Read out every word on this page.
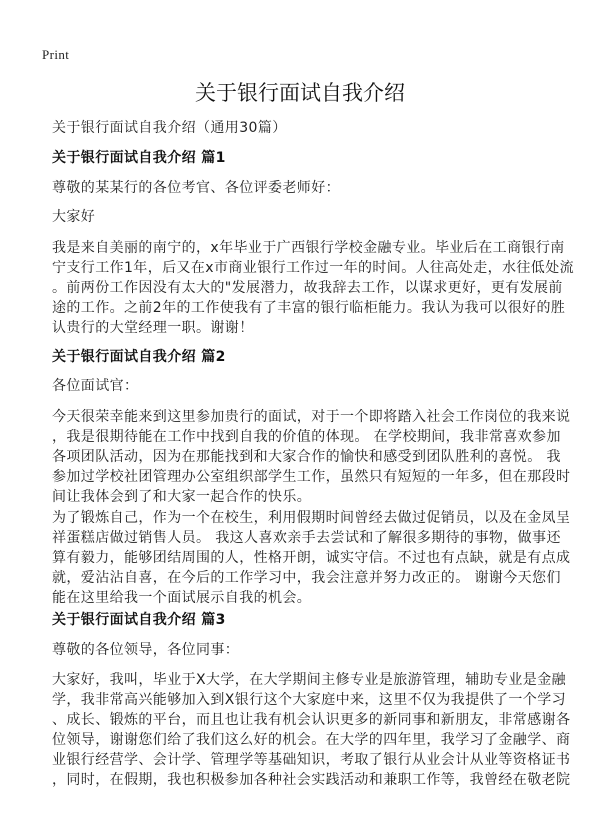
Print
关于银行面试自我介绍
关于银行面试自我介绍（通用30篇）
关于银行面试自我介绍 篇1
尊敬的某某行的各位考官、各位评委老师好：
大家好
我是来自美丽的南宁的，x年毕业于广西银行学校金融专业。毕业后在工商银行南
宁支行工作1年，后又在x市商业银行工作过一年的时间。人往高处走，水往低处流
。前两份工作因没有太大的"发展潜力，故我辞去工作，以谋求更好，更有发展前
途的工作。之前2年的工作使我有了丰富的银行临柜能力。我认为我可以很好的胜
认贵行的大堂经理一职。谢谢！
关于银行面试自我介绍 篇2
各位面试官：
今天很荣幸能来到这里参加贵行的面试，对于一个即将踏入社会工作岗位的我来说
，我是很期待能在工作中找到自我的价值的体现。 在学校期间，我非常喜欢参加
各项团队活动，因为在那能找到和大家合作的愉快和感受到团队胜利的喜悦。 我
参加过学校社团管理办公室组织部学生工作，虽然只有短短的一年多，但在那段时
间让我体会到了和大家一起合作的快乐。
为了锻炼自己，作为一个在校生，利用假期时间曾经去做过促销员，以及在金凤呈
祥蛋糕店做过销售人员。 我这人喜欢亲手去尝试和了解很多期待的事物，做事还
算有毅力，能够团结周围的人，性格开朗，诚实守信。不过也有点缺，就是有点成
就，爱沾沾自喜，在今后的工作学习中，我会注意并努力改正的。 谢谢今天您们
能在这里给我一个面试展示自我的机会。
关于银行面试自我介绍 篇3
尊敬的各位领导，各位同事：
大家好，我叫，毕业于X大学，在大学期间主修专业是旅游管理，辅助专业是金融
学，我非常高兴能够加入到X银行这个大家庭中来，这里不仅为我提供了一个学习
、成长、锻炼的平台，而且也让我有机会认识更多的新同事和新朋友，非常感谢各
位领导，谢谢您们给了我们这么好的机会。在大学的四年里，我学习了金融学、商
业银行经营学、会计学、管理学等基础知识，考取了银行从业会计从业等资格证书
，同时，在假期，我也积极参加各种社会实践活动和兼职工作等，我曾经在敬老院
